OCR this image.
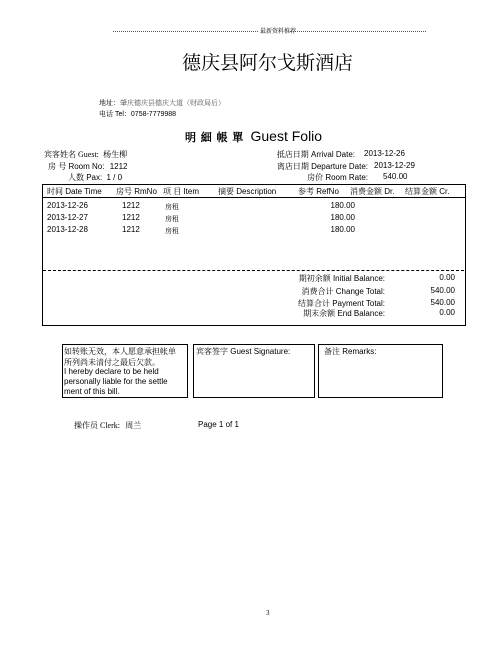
最新资料推荐
德庆县阿尔戈斯酒店
地址：肇庆德庆县德庆大道（财政局后）
电话 Tel：0758-7779988
明 細 帳 單 Guest Folio
宾客姓名 Guest: 杨生柳
房 号 Room No: 1212
人数 Pax: 1 / 0
抵店日期 Arrival Date: 2013-12-26
离店日期 Departure Date: 2013-12-29
房价 Room Rate: 540.00
时间 Date Time 房号 RmNo 项 目 Item 摘要 Description	参考 RefNo 消费金额 Dr. 结算金额 Cr.
2013-12-26	1212	房租	180.00
2013-12-27	1212	房租	180.00
2013-12-28	1212	房租	180.00
期初余额 Initial Balance:	0.00
消费合计 Change Total:	540.00
结算合计 Payment Total:	540.00
期末余额 End Balance:	0.00
如转账无效，本人愿意承担帐单
所列尚未清付之最后欠款。
I hereby declare to be held
personally liable for the settle
ment of this bill.
宾客签字 Guest Signature:	备注 Remarks:
操作员 Clerk: 周兰	Page 1 of 1
3
